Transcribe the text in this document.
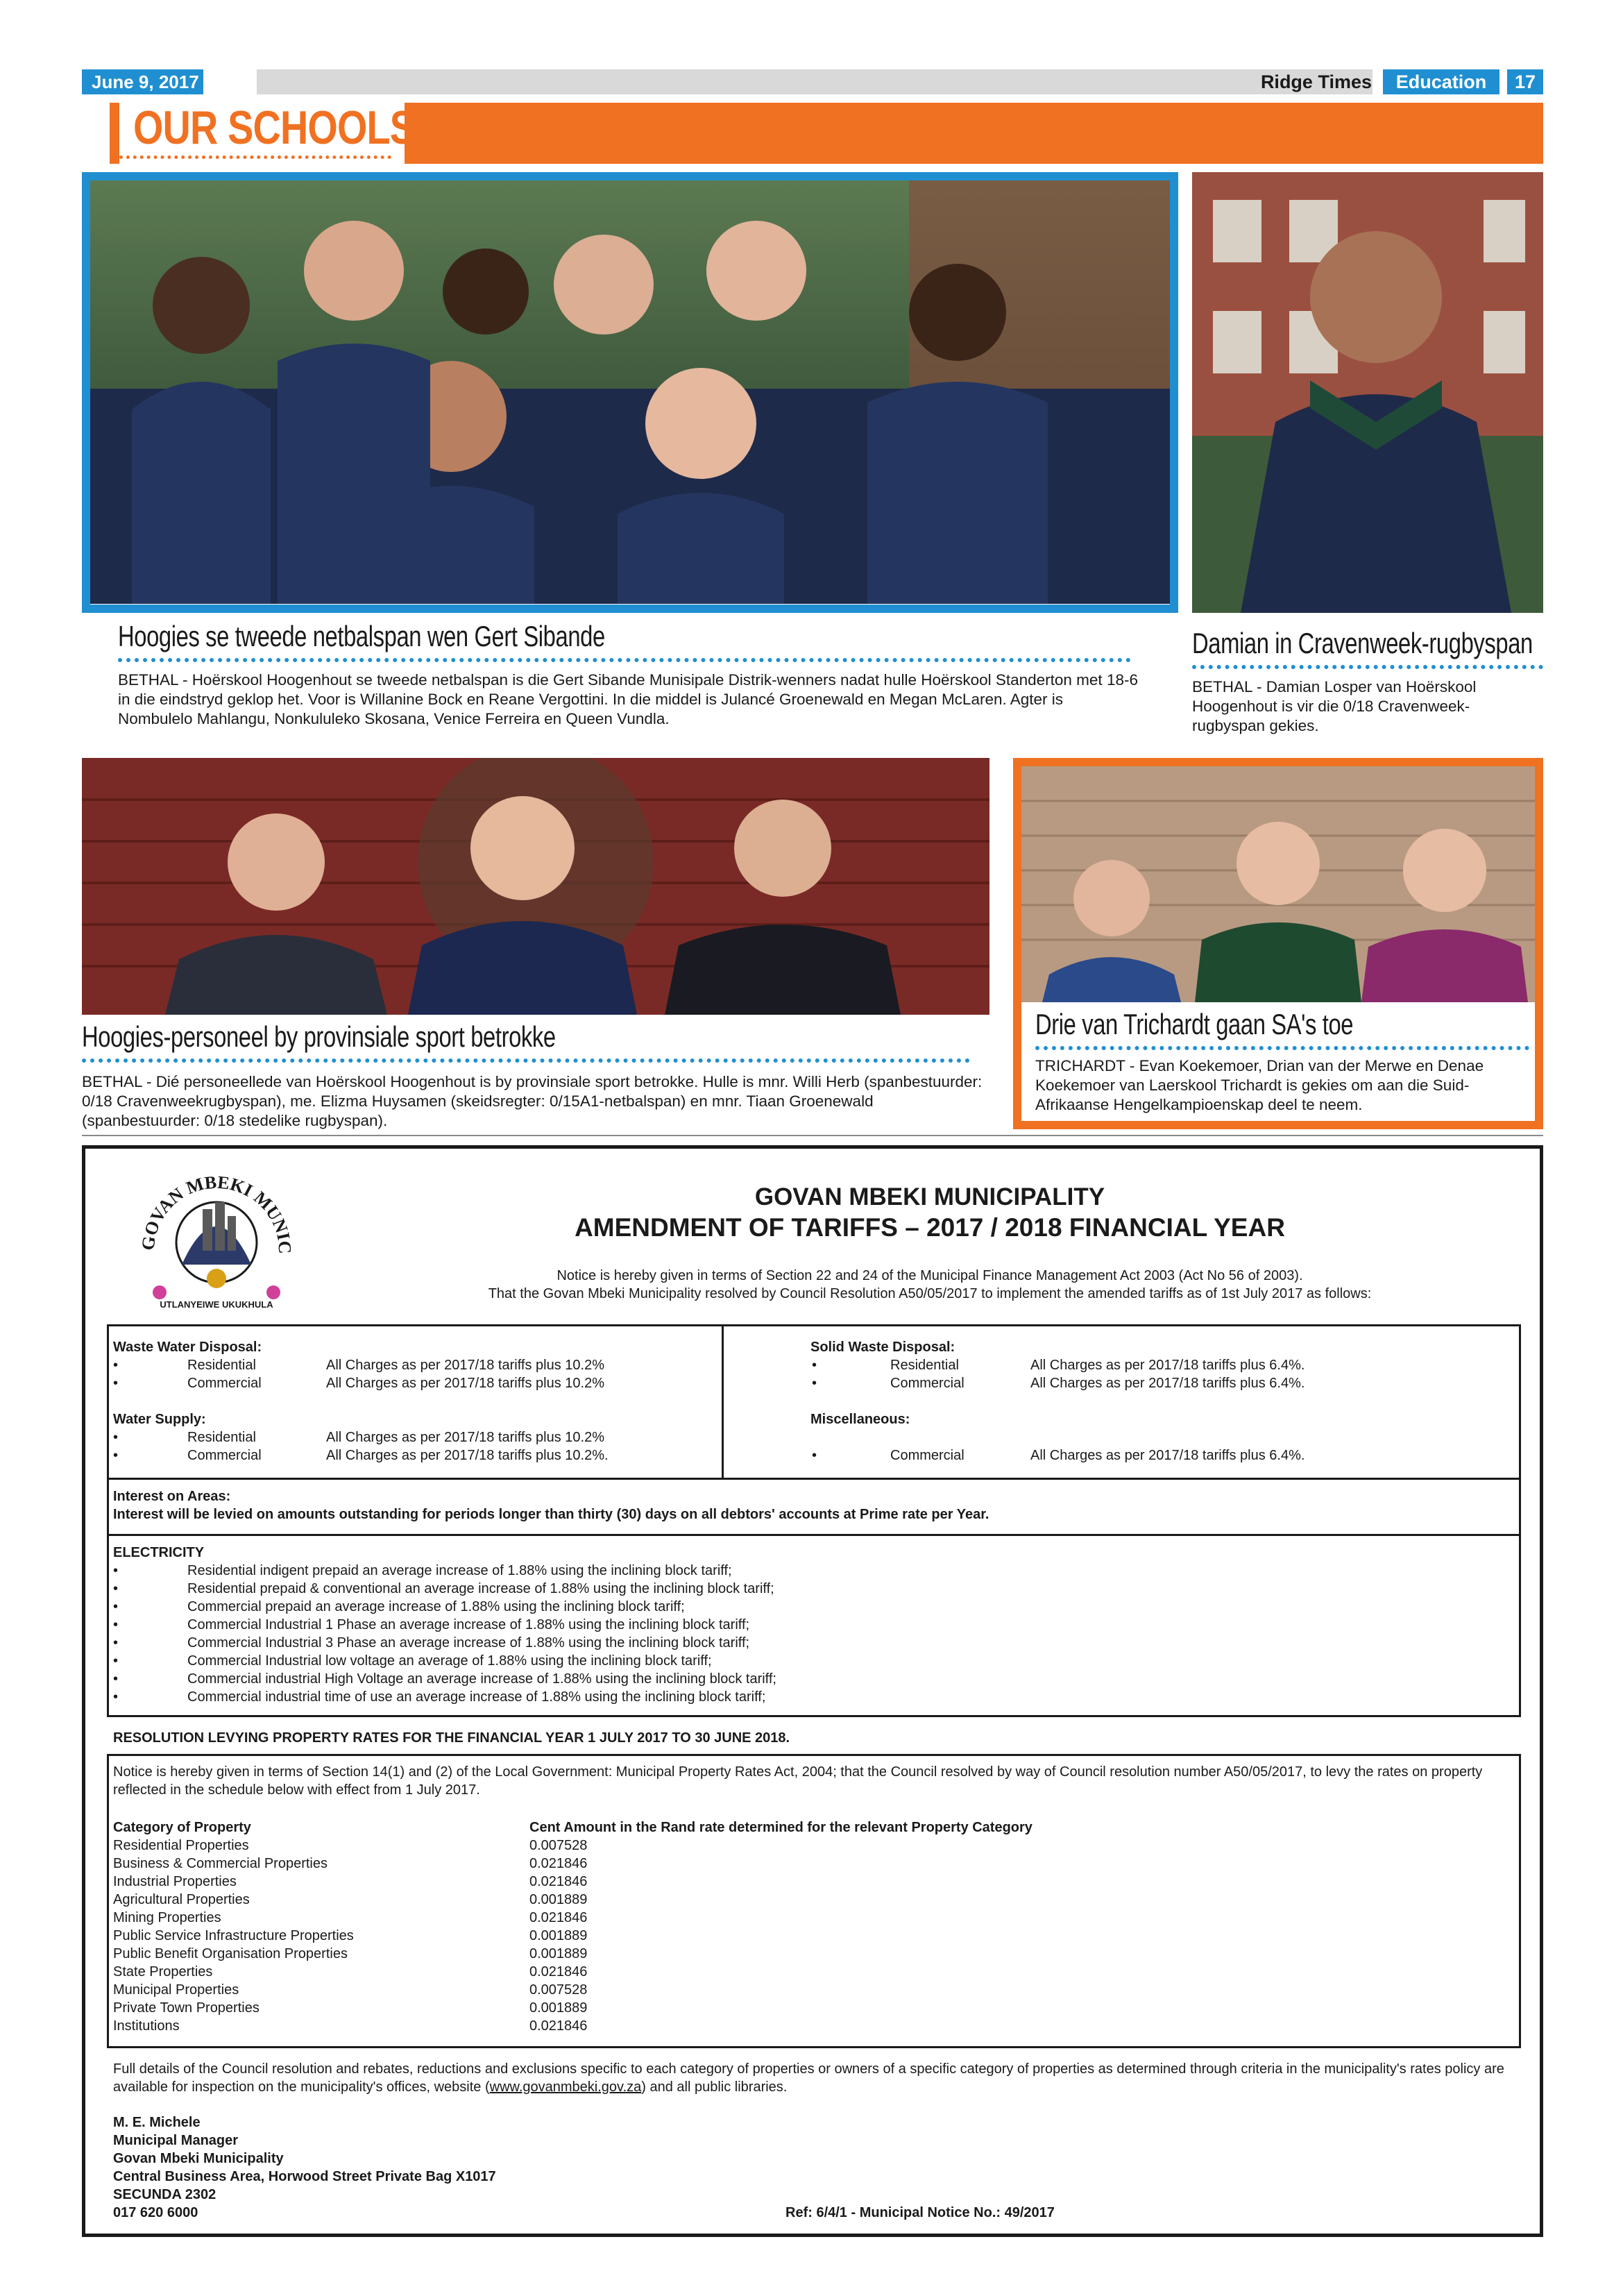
June 9, 2017	Ridge Times	Education	17
OUR SCHOOLS
Hoogies se tweede netbalspan wen Gert Sibande
BETHAL - Hoërskool Hoogenhout se tweede netbalspan is die Gert Sibande Munisipale Distrik-wenners nadat hulle Hoërskool Standerton met 18-6 in die eindstryd geklop het. Voor is Willanine Bock en Reane Vergottini. In die middel is Julancé Groenewald en Megan McLaren. Agter is Nombulelo Mahlangu, Nonkululeko Skosana, Venice Ferreira en Queen Vundla.
Damian in Cravenweek-rugbyspan
BETHAL - Damian Losper van Hoërskool Hoogenhout is vir die 0/18 Cravenweek-rugbyspan gekies.
Hoogies-personeel by provinsiale sport betrokke
BETHAL - Dié personeellede van Hoërskool Hoogenhout is by provinsiale sport betrokke. Hulle is mnr. Willi Herb (spanbestuurder: 0/18 Cravenweekrugbyspan), me. Elizma Huysamen (skeidsregter: 0/15A1-netbalspan) en mnr. Tiaan Groenewald (spanbestuurder: 0/18 stedelike rugbyspan).
Drie van Trichardt gaan SA's toe
TRICHARDT - Evan Koekemoer, Drian van der Merwe en Denae Koekemoer van Laerskool Trichardt is gekies om aan die Suid-Afrikaanse Hengelkampioenskap deel te neem.
GOVAN MBEKI MUNIC
UTLANYEIWE UKUKHULA
GOVAN MBEKI MUNICIPALITY
AMENDMENT OF TARIFFS – 2017 / 2018 FINANCIAL YEAR
Notice is hereby given in terms of Section 22 and 24 of the Municipal Finance Management Act 2003 (Act No 56 of 2003).
That the Govan Mbeki Municipality resolved by Council Resolution A50/05/2017 to implement the amended tariffs as of 1st July 2017 as follows:
Waste Water Disposal:
•	Residential	All Charges as per 2017/18 tariffs plus 10.2%
•	Commercial	All Charges as per 2017/18 tariffs plus 10.2%
Solid Waste Disposal:
•	Residential	All Charges as per 2017/18 tariffs plus 6.4%.
•	Commercial	All Charges as per 2017/18 tariffs plus 6.4%.
Water Supply:
•	Residential	All Charges as per 2017/18 tariffs plus 10.2%
•	Commercial	All Charges as per 2017/18 tariffs plus 10.2%.
Miscellaneous:
•	Commercial	All Charges as per 2017/18 tariffs plus 6.4%.
Interest on Areas:
Interest will be levied on amounts outstanding for periods longer than thirty (30) days on all debtors' accounts at Prime rate per Year.
ELECTRICITY
•	Residential indigent prepaid an average increase of 1.88% using the inclining block tariff;
•	Residential prepaid & conventional an average increase of 1.88% using the inclining block tariff;
•	Commercial prepaid an average increase of 1.88% using the inclining block tariff;
•	Commercial Industrial 1 Phase an average increase of 1.88% using the inclining block tariff;
•	Commercial Industrial 3 Phase an average increase of 1.88% using the inclining block tariff;
•	Commercial Industrial low voltage an average of 1.88% using the inclining block tariff;
•	Commercial industrial High Voltage an average increase of 1.88% using the inclining block tariff;
•	Commercial industrial time of use an average increase of 1.88% using the inclining block tariff;
RESOLUTION LEVYING PROPERTY RATES FOR THE FINANCIAL YEAR 1 JULY 2017 TO 30 JUNE 2018.
Notice is hereby given in terms of Section 14(1) and (2) of the Local Government: Municipal Property Rates Act, 2004; that the Council resolved by way of Council resolution number A50/05/2017, to levy the rates on property reflected in the schedule below with effect from 1 July 2017.
Category of Property	Cent Amount in the Rand rate determined for the relevant Property Category
Residential Properties	0.007528
Business & Commercial Properties	0.021846
Industrial Properties	0.021846
Agricultural Properties	0.001889
Mining Properties	0.021846
Public Service Infrastructure Properties	0.001889
Public Benefit Organisation Properties	0.001889
State Properties	0.021846
Municipal Properties	0.007528
Private Town Properties	0.001889
Institutions	0.021846
Full details of the Council resolution and rebates, reductions and exclusions specific to each category of properties or owners of a specific category of properties as determined through criteria in the municipality's rates policy are available for inspection on the municipality's offices, website (www.govanmbeki.gov.za) and all public libraries.
M. E. Michele
Municipal Manager
Govan Mbeki Municipality
Central Business Area, Horwood Street Private Bag X1017
SECUNDA 2302
017 620 6000	Ref: 6/4/1 - Municipal Notice No.: 49/2017
